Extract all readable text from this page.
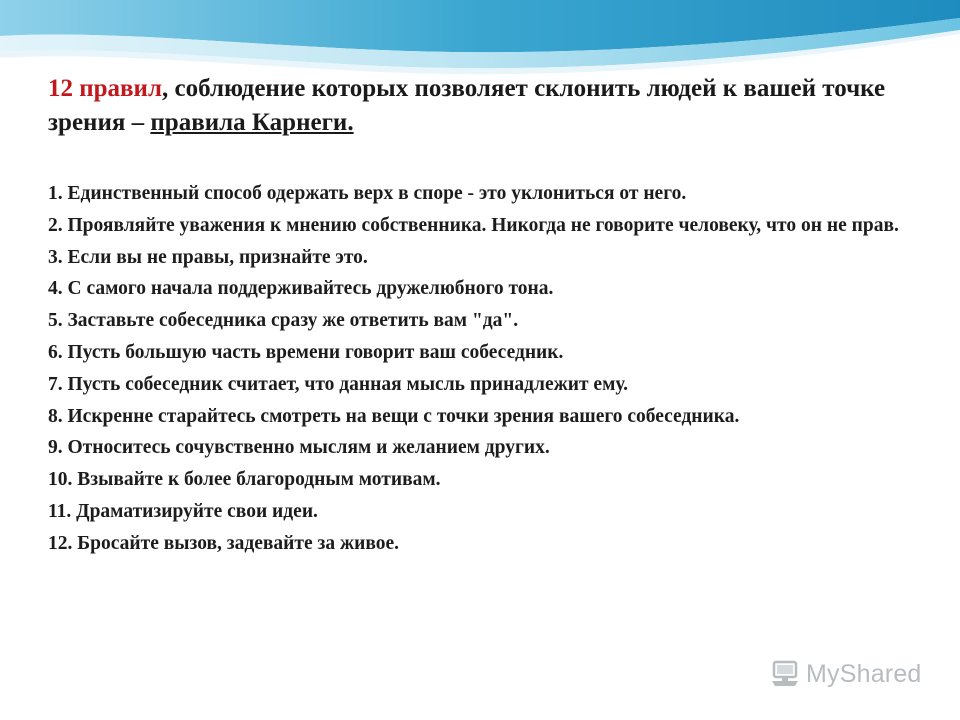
12 правил, соблюдение которых позволяет склонить людей к вашей точке зрения – правила Карнеги.
1. Единственный способ одержать верх в споре - это уклониться от него.
2. Проявляйте уважения к мнению собственника. Никогда не говорите человеку, что он не прав.
3. Если вы не правы, признайте это.
4. С самого начала поддерживайтесь дружелюбного тона.
5. Заставьте собеседника сразу же ответить вам "да".
6. Пусть большую часть времени говорит ваш собеседник.
7. Пусть собеседник считает, что данная мысль принадлежит ему.
8. Искренне старайтесь смотреть на вещи с точки зрения вашего собеседника.
9. Относитесь сочувственно мыслям и желанием других.
10. Взывайте к более благородным мотивам.
11. Драматизируйте свои идеи.
12. Бросайте вызов, задевайте за живое.
MyShared
